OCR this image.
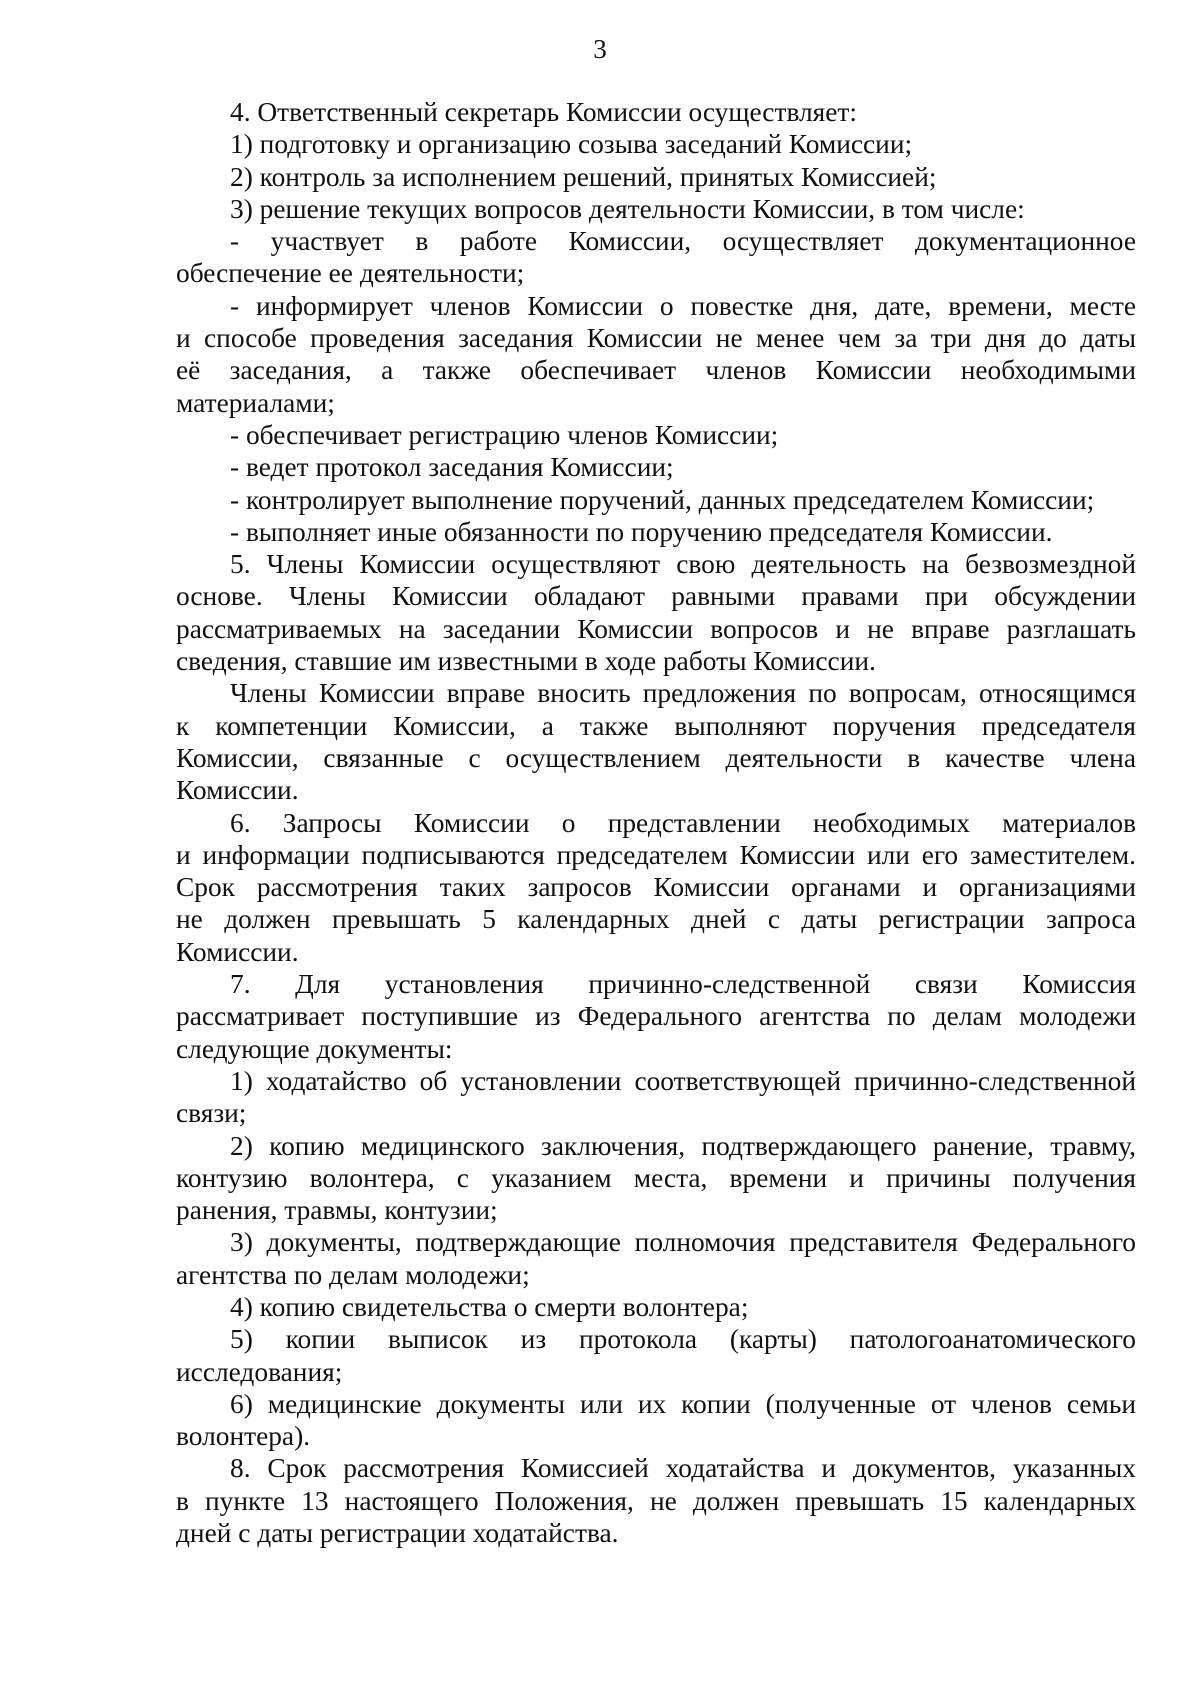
3

4. Ответственный секретарь Комиссии осуществляет:

1) подготовку и организацию созыва заседаний Комиссии;

2) контроль за исполнением решений, принятых Комиссией;

3) решение текущих вопросов деятельности Комиссии, в том числе:

- участвует в работе Комиссии, осуществляет документационное
обеспечение ее деятельности;
- информирует членов Комиссии о повестке дня, дате, времени, месте
и способе проведения заседания Комиссии не менее чем за три дня до даты
её заседания, а также обеспечивает членов Комиссии необходимыми
материалами;

- обеспечивает регистрацию членов Комиссии;

- ведет протокол заседания Комиссии;

- контролирует выполнение поручений, данных председателем Комиссии;

- выполняет иные обязанности по поручению председателя Комиссии.

5. Члены Комиссии осуществляют свою деятельность на безвозмездной
основе. Члены Комиссии обладают равными правами при обсуждении
рассматриваемых на заседании Комиссии вопросов и не вправе разглашать
сведения, ставшие им известными в ходе работы Комиссии.
Члены Комиссии вправе вносить предложения по вопросам, относящимся
к компетенции Комиссии, а также выполняют поручения председателя
Комиссии, связанные с осуществлением деятельности в качестве члена
Комиссии.
6. Запросы Комиссии о представлении необходимых материалов
и информации подписываются председателем Комиссии или его заместителем.
Срок рассмотрения таких запросов Комиссии органами и организациями
не должен превышать 5 календарных дней с даты регистрации запроса
Комиссии.
7. Для установления причинно-следственной связи Комиссия
рассматривает поступившие из Федерального агентства по делам молодежи
следующие документы:
1) ходатайство об установлении соответствующей причинно-следственной
связи;
2) копию медицинского заключения, подтверждающего ранение, травму,
контузию волонтера, с указанием места, времени и причины получения
ранения, травмы, контузии;
3) документы, подтверждающие полномочия представителя Федерального
агентства по делам молодежи;

4) копию свидетельства о смерти волонтера;

5) копии выписок из протокола (карты) патологоанатомического
исследования;
6) медицинские документы или их копии (полученные от членов семьи
волонтера).
8. Срок рассмотрения Комиссией ходатайства и документов, указанных
в пункте 13 настоящего Положения, не должен превышать 15 календарных
дней с даты регистрации ходатайства.
